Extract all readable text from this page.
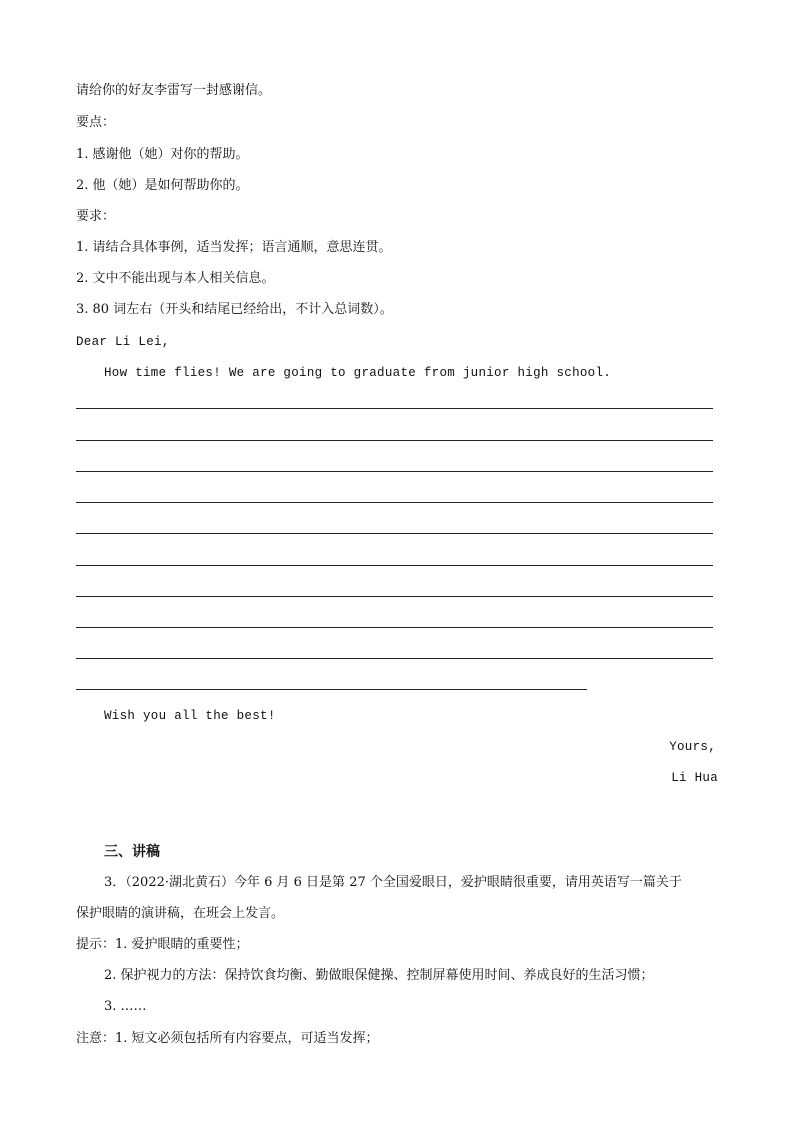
请给你的好友李雷写一封感谢信。
要点：
1. 感谢他（她）对你的帮助。
2. 他（她）是如何帮助你的。
要求：
1. 请结合具体事例，适当发挥；语言通顺，意思连贯。
2. 文中不能出现与本人相关信息。
3. 80 词左右（开头和结尾已经给出，不计入总词数）。
Dear Li Lei,
How time flies! We are going to graduate from junior high school.
Wish you all the best!
Yours,
Li Hua
三、讲稿
3．（2022·湖北黄石）今年 6 月 6 日是第 27 个全国爱眼日，爱护眼睛很重要，请用英语写一篇关于
保护眼睛的演讲稿，在班会上发言。
提示：1. 爱护眼睛的重要性；
2. 保护视力的方法：保持饮食均衡、勤做眼保健操、控制屏幕使用时间、养成良好的生活习惯；
3. ……
注意：1. 短文必须包括所有内容要点，可适当发挥；
